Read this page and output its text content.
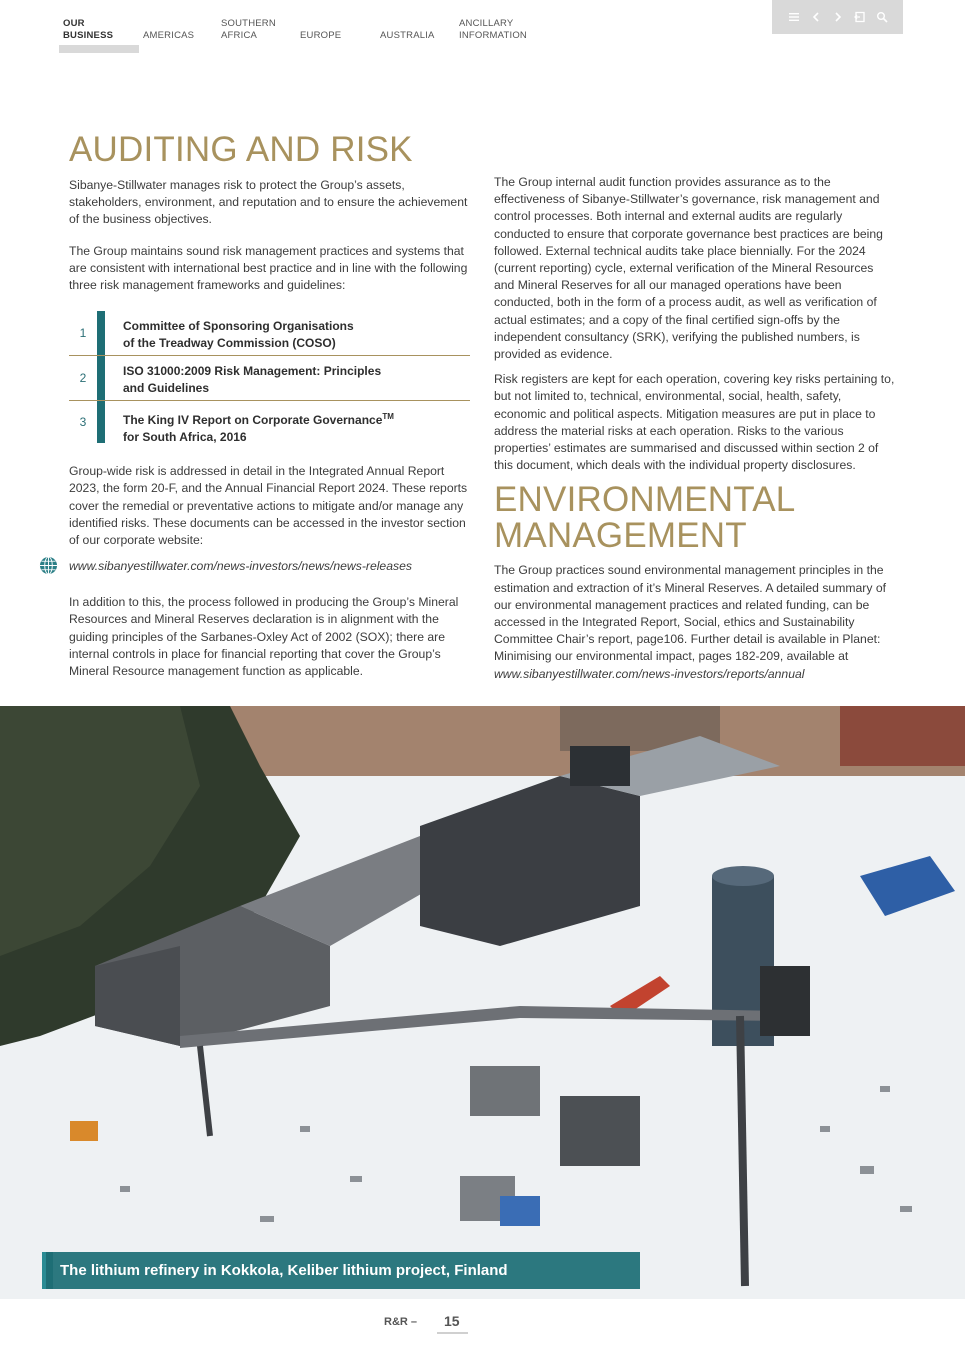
OUR
BUSINESS	AMERICAS
SOUTHERN
AFRICA	EUROPE	AUSTRALIA
ANCILLARY
INFORMATION
AUDITING AND RISK

Sibanye-Stillwater manages risk to protect the Group’s assets, stakeholders, environment, and reputation and to ensure the achievement of the business objectives.

The Group maintains sound risk management practices and systems that are consistent with international best practice and in line with the following three risk management frameworks and guidelines:

1	Committee of Sponsoring Organisations
of the Treadway Commission (COSO)
2	ISO 31000:2009 Risk Management: Principles
and Guidelines
3	The King IV Report on Corporate Governance™
for South Africa, 2016

Group-wide risk is addressed in detail in the Integrated Annual Report 2023, the form 20-F, and the Annual Financial Report 2024. These reports cover the remedial or preventative actions to mitigate and/or manage any identified risks. These documents can be accessed in the investor section of our corporate website:

www.sibanyestillwater.com/news-investors/news/news-releases

In addition to this, the process followed in producing the Group’s Mineral Resources and Mineral Reserves declaration is in alignment with the guiding principles of the Sarbanes-Oxley Act of 2002 (SOX); there are internal controls in place for financial reporting that cover the Group’s Mineral Resource management function as applicable.

The Group internal audit function provides assurance as to the effectiveness of Sibanye-Stillwater’s governance, risk management and control processes. Both internal and external audits are regularly conducted to ensure that corporate governance best practices are being followed. External technical audits take place biennially. For the 2024 (current reporting) cycle, external verification of the Mineral Resources and Mineral Reserves for all our managed operations have been conducted, both in the form of a process audit, as well as verification of actual estimates; and a copy of the final certified sign-offs by the independent consultancy (SRK), verifying the published numbers, is provided as evidence.

Risk registers are kept for each operation, covering key risks pertaining to, but not limited to, technical, environmental, social, health, safety, economic and political aspects. Mitigation measures are put in place to address the material risks at each operation. Risks to the various properties’ estimates are summarised and discussed within section 2 of this document, which deals with the individual property disclosures.

ENVIRONMENTAL
MANAGEMENT

The Group practices sound environmental management principles in the estimation and extraction of it’s Mineral Reserves. A detailed summary of our environmental management practices and related funding, can be accessed in the Integrated Report, Social, ethics and Sustainability Committee Chair’s report, page106. Further detail is available in Planet: Minimising our environmental impact, pages 182-209, available at www.sibanyestillwater.com/news-investors/reports/annual

The lithium refinery in Kokkola, Keliber lithium project, Finland
R&R – 15
